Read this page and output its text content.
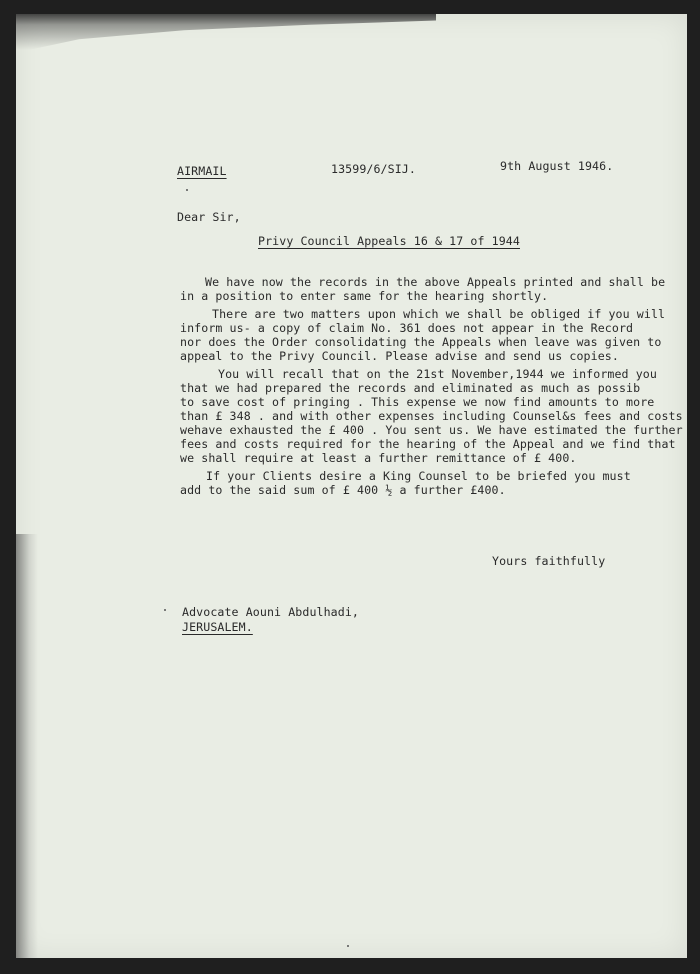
AIRMAIL	13599/6/SIJ.	9th August 1946.
Dear Sir,
Privy Council Appeals 16 & 17 of 1944
We have now the records in the above Appeals printed and shall be
in a position to enter same for the hearing shortly.
There are two matters upon which we shall be obliged if you will
inform us- a copy of claim No. 361 does not appear in the Record
nor does the Order consolidating the Appeals when leave was given to
appeal to the Privy Council. Please advise and send us copies.
You will recall that on the 21st November,1944 we informed you
that we had prepared the records and eliminated as much as possib
to save cost of pringing . This expense we now find amounts to more
than £ 348 . and with other expenses including Counsel&s fees and costs
wehave exhausted the £ 400 . You sent us. We have estimated the further
fees and costs required for the hearing of the Appeal and we find that
we shall require at least a further remittance of £ 400.
If your Clients desire a King Counsel to be briefed you must
add to the said sum of £ 400 ½ a further £400.
Yours faithfully
Advocate Aouni Abdulhadi,
JERUSALEM.
